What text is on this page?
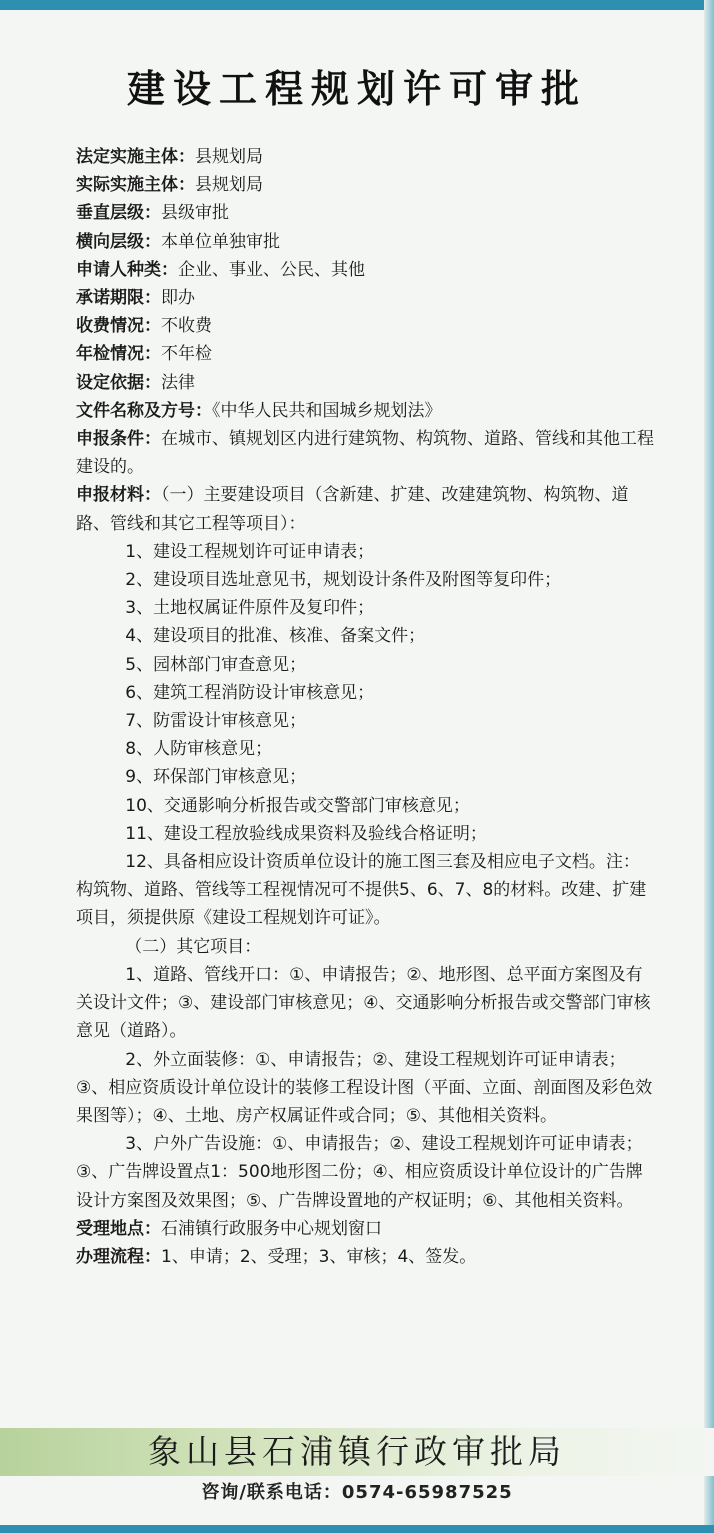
建设工程规划许可审批

法定实施主体：县规划局

实际实施主体：县规划局

垂直层级：县级审批

横向层级：本单位单独审批

申请人种类：企业、事业、公民、其他

承诺期限：即办

收费情况：不收费

年检情况：不年检

设定依据：法律

文件名称及方号：《中华人民共和国城乡规划法》

申报条件：在城市、镇规划区内进行建筑物、构筑物、道路、管线和其他工程建设的。

申报材料：（一）主要建设项目（含新建、扩建、改建建筑物、构筑物、道路、管线和其它工程等项目）：

1、建设工程规划许可证申请表；

2、建设项目选址意见书，规划设计条件及附图等复印件；

3、土地权属证件原件及复印件；

4、建设项目的批准、核准、备案文件；

5、园林部门审查意见；

6、建筑工程消防设计审核意见；

7、防雷设计审核意见；

8、人防审核意见；

9、环保部门审核意见；

10、交通影响分析报告或交警部门审核意见；

11、建设工程放验线成果资料及验线合格证明；

12、具备相应设计资质单位设计的施工图三套及相应电子文档。注：构筑物、道路、管线等工程视情况可不提供5、6、7、8的材料。改建、扩建项目，须提供原《建设工程规划许可证》。

（二）其它项目：

1、道路、管线开口：①、申请报告；②、地形图、总平面方案图及有关设计文件；③、建设部门审核意见；④、交通影响分析报告或交警部门审核意见（道路）。

2、外立面装修：①、申请报告；②、建设工程规划许可证申请表；③、相应资质设计单位设计的装修工程设计图（平面、立面、剖面图及彩色效果图等）；④、土地、房产权属证件或合同；⑤、其他相关资料。

3、户外广告设施：①、申请报告；②、建设工程规划许可证申请表；③、广告牌设置点1：500地形图二份；④、相应资质设计单位设计的广告牌设计方案图及效果图；⑤、广告牌设置地的产权证明；⑥、其他相关资料。

受理地点：石浦镇行政服务中心规划窗口

办理流程：1、申请；2、受理；3、审核；4、签发。

象山县石浦镇行政审批局
咨询/联系电话：0574-65987525
